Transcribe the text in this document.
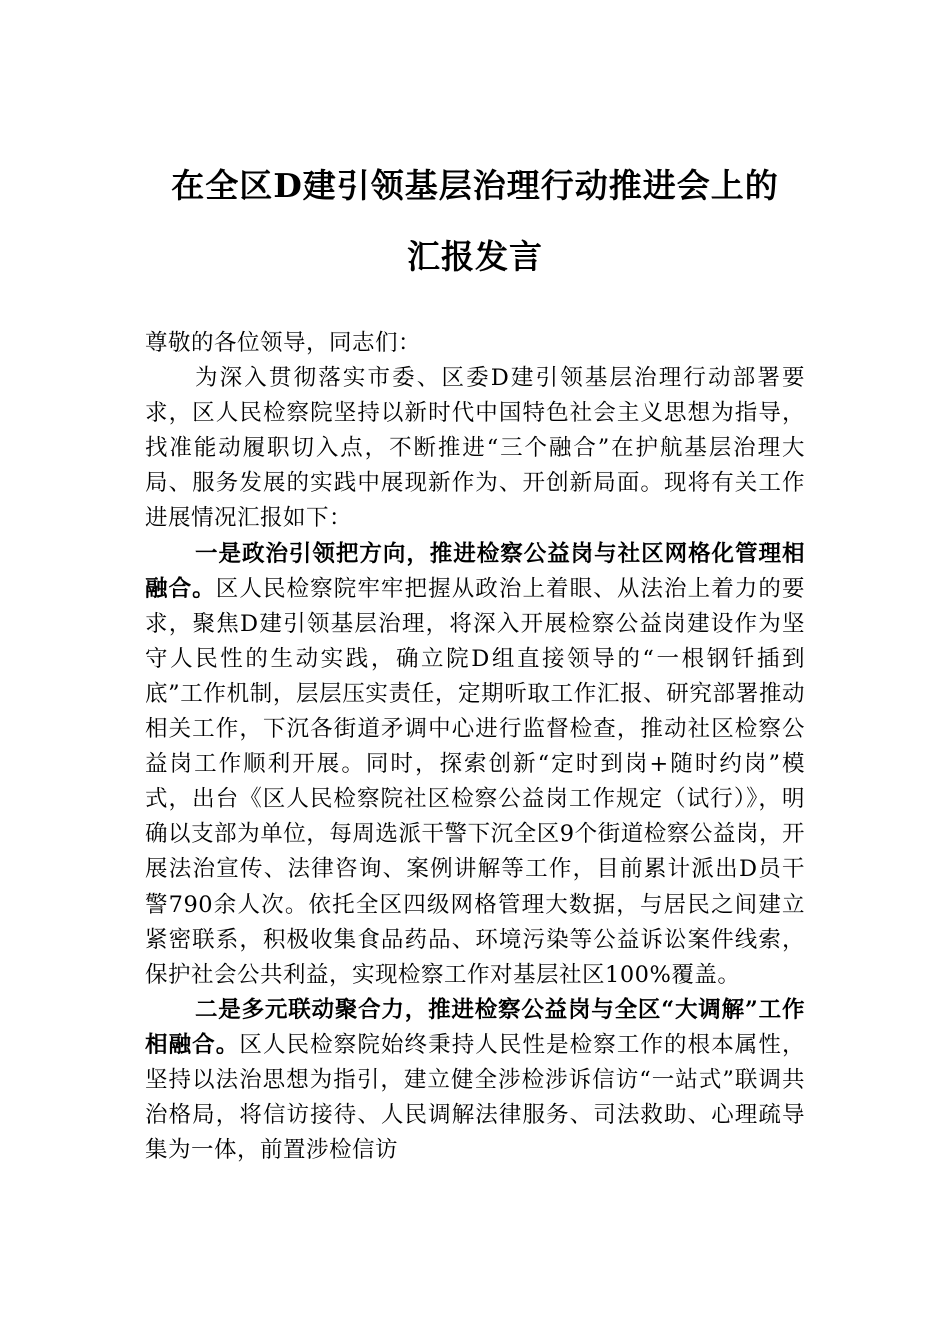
在全区D建引领基层治理行动推进会上的
汇报发言

尊敬的各位领导，同志们：

为深入贯彻落实市委、区委D建引领基层治理行动部署要求，区人民检察院坚持以新时代中国特色社会主义思想为指导，找准能动履职切入点，不断推进“三个融合”在护航基层治理大局、服务发展的实践中展现新作为、开创新局面。现将有关工作进展情况汇报如下：

一是政治引领把方向，推进检察公益岗与社区网格化管理相融合。区人民检察院牢牢把握从政治上着眼、从法治上着力的要求，聚焦D建引领基层治理，将深入开展检察公益岗建设作为坚守人民性的生动实践，确立院D组直接领导的“一根钢钎插到底”工作机制，层层压实责任，定期听取工作汇报、研究部署推动相关工作，下沉各街道矛调中心进行监督检查，推动社区检察公益岗工作顺利开展。同时，探索创新“定时到岗+随时约岗”模式，出台《区人民检察院社区检察公益岗工作规定（试行）》，明确以支部为单位，每周选派干警下沉全区9个街道检察公益岗，开展法治宣传、法律咨询、案例讲解等工作，目前累计派出D员干警790余人次。依托全区四级网格管理大数据，与居民之间建立紧密联系，积极收集食品药品、环境污染等公益诉讼案件线索，保护社会公共利益，实现检察工作对基层社区100%覆盖。

二是多元联动聚合力，推进检察公益岗与全区“大调解”工作相融合。区人民检察院始终秉持人民性是检察工作的根本属性，坚持以法治思想为指引，建立健全涉检涉诉信访“一站式”联调共治格局，将信访接待、人民调解法律服务、司法救助、心理疏导集为一体，前置涉检信访
